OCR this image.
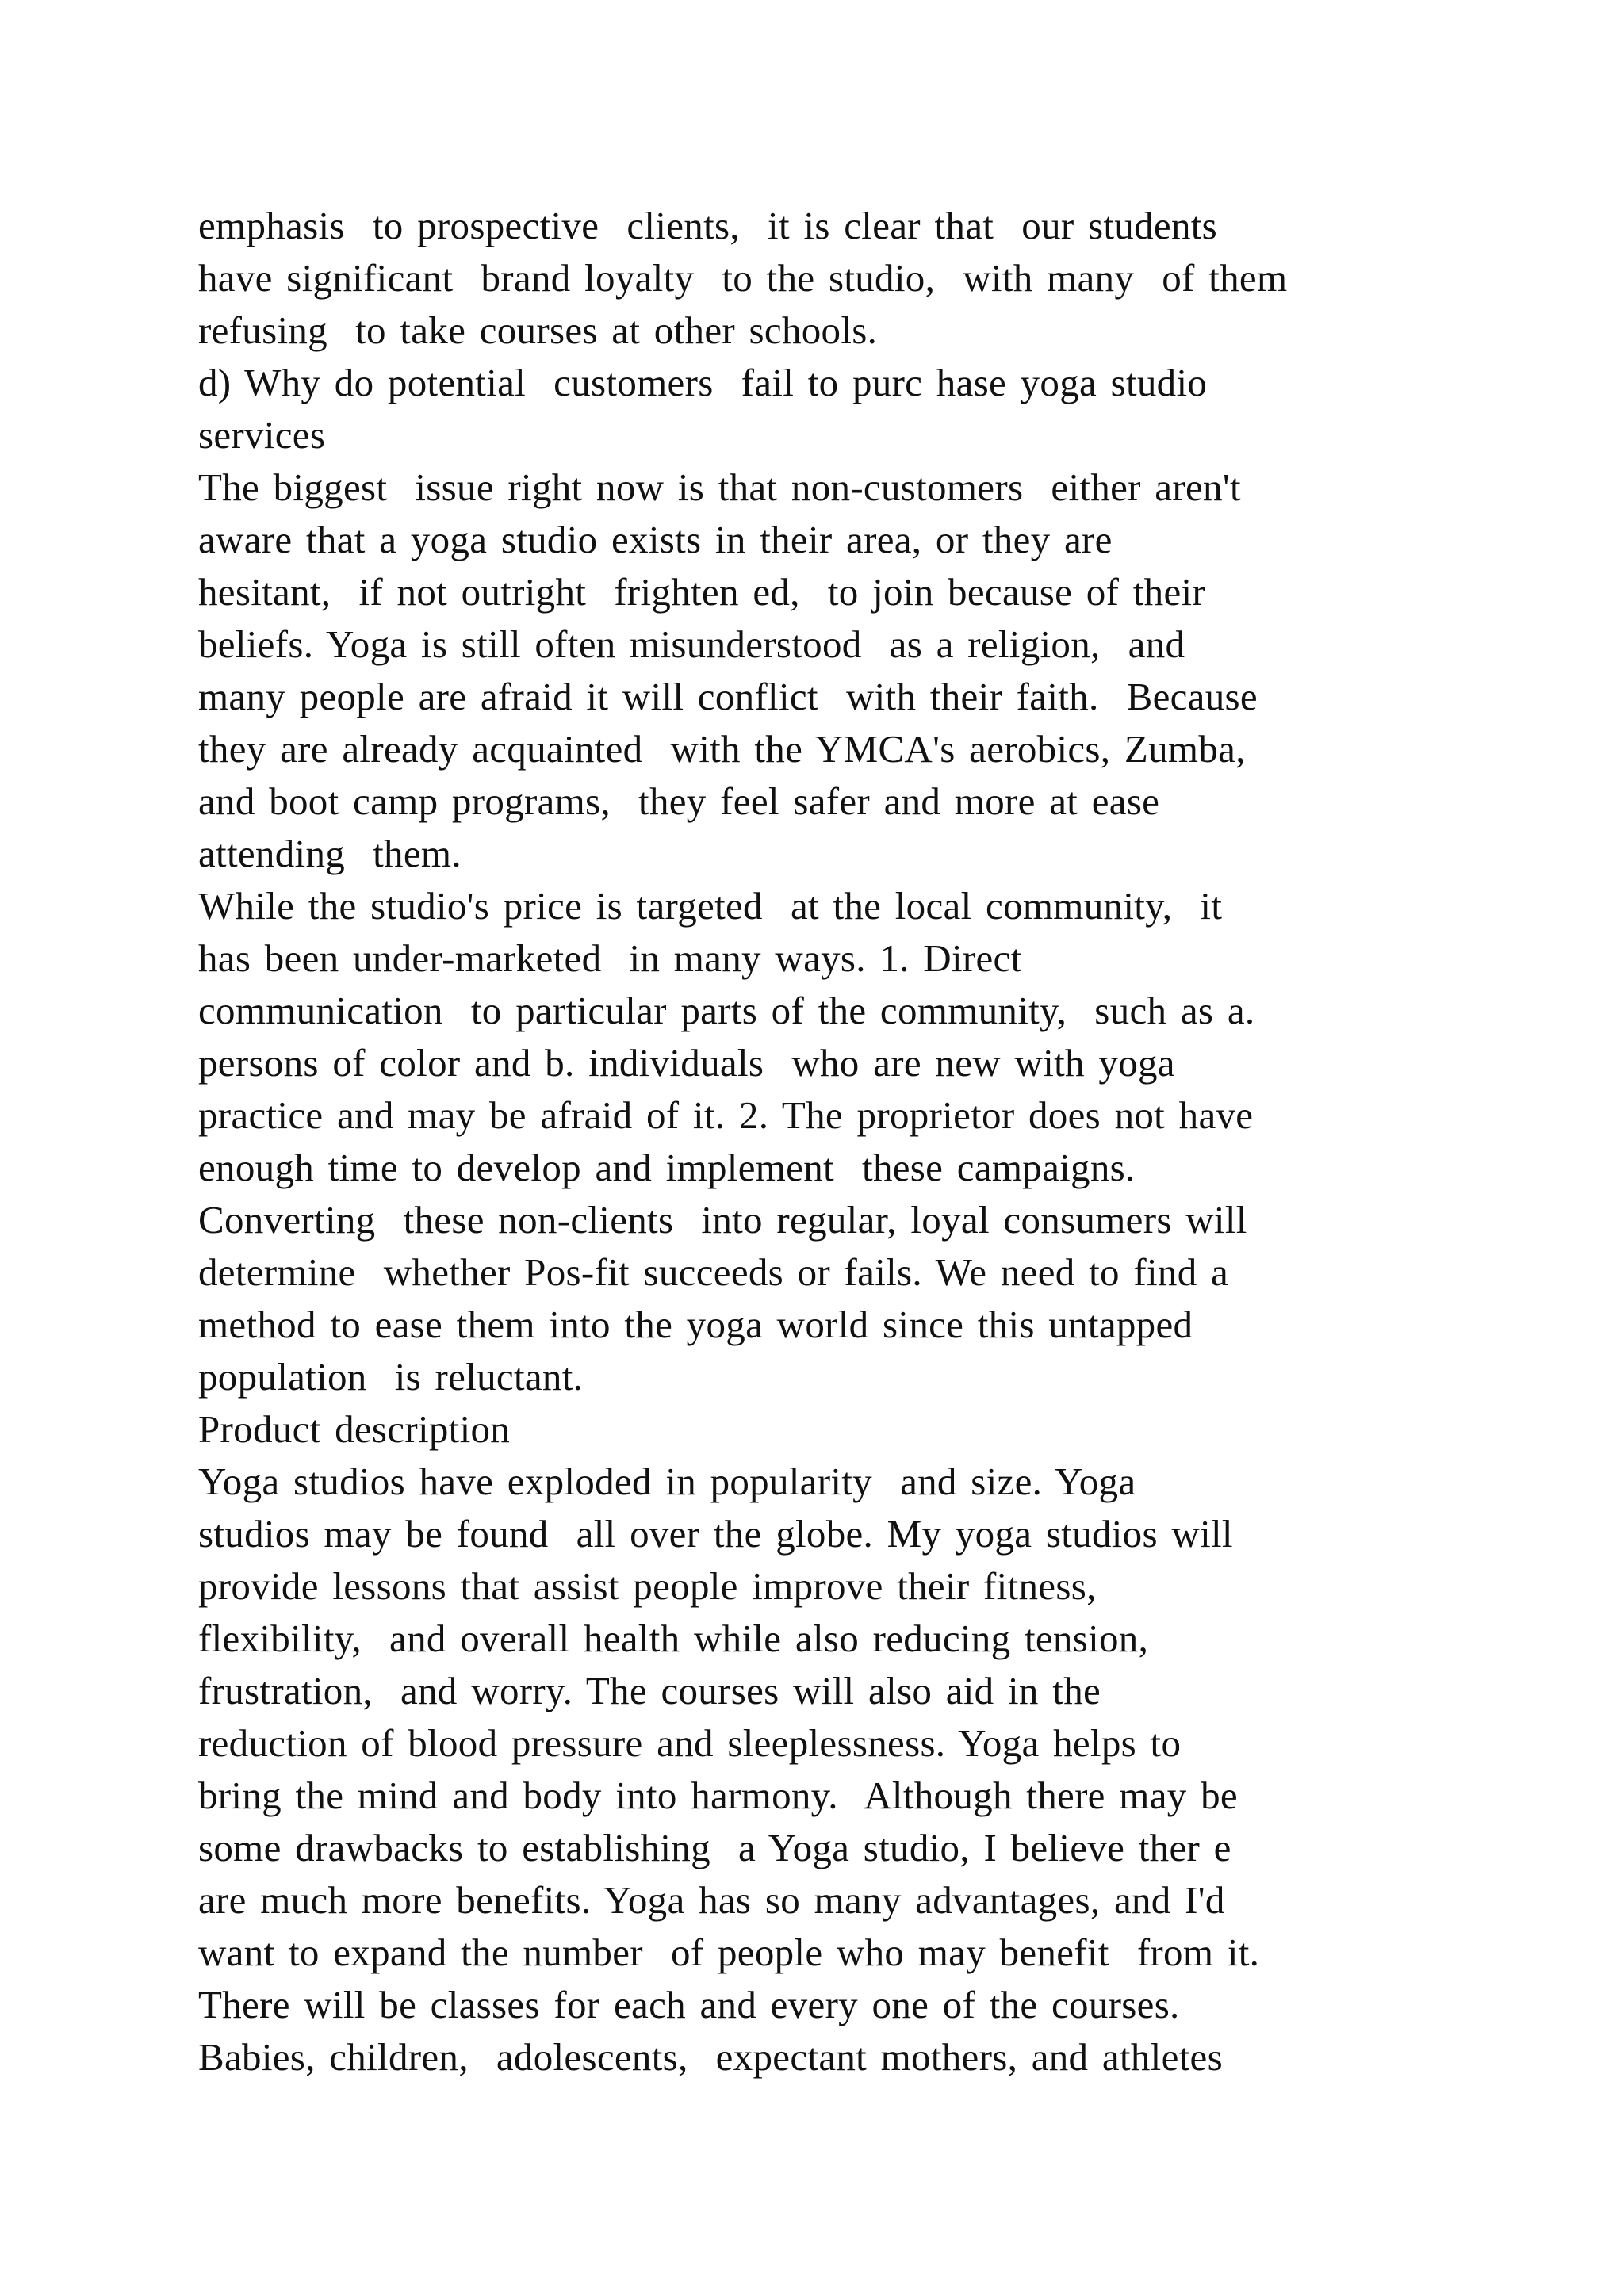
emphasis  to prospective  clients,  it is clear that  our students
have significant  brand loyalty  to the studio,  with many  of them
refusing  to take courses at other schools.
d) Why do potential  customers  fail to purc hase yoga studio
services
The biggest  issue right now is that non-customers  either aren't
aware that a yoga studio exists in their area, or they are
hesitant,  if not outright  frighten ed,  to join because of their
beliefs. Yoga is still often misunderstood  as a religion,  and
many people are afraid it will conflict  with their faith.  Because
they are already acquainted  with the YMCA's aerobics, Zumba,
and boot camp programs,  they feel safer and more at ease
attending  them.
While the studio's price is targeted  at the local community,  it
has been under-marketed  in many ways. 1. Direct
communication  to particular parts of the community,  such as a.
persons of color and b. individuals  who are new with yoga
practice and may be afraid of it. 2. The proprietor does not have
enough time to develop and implement  these campaigns.
Converting  these non-clients  into regular, loyal consumers will
determine  whether Pos-fit succeeds or fails. We need to find a
method to ease them into the yoga world since this untapped
population  is reluctant.
Product description
Yoga studios have exploded in popularity  and size. Yoga
studios may be found  all over the globe. My yoga studios will
provide lessons that assist people improve their fitness,
flexibility,  and overall health while also reducing tension,
frustration,  and worry. The courses will also aid in the
reduction of blood pressure and sleeplessness. Yoga helps to
bring the mind and body into harmony.  Although there may be
some drawbacks to establishing  a Yoga studio, I believe ther e
are much more benefits. Yoga has so many advantages, and I'd
want to expand the number  of people who may benefit  from it.
There will be classes for each and every one of the courses.
Babies, children,  adolescents,  expectant mothers, and athletes
